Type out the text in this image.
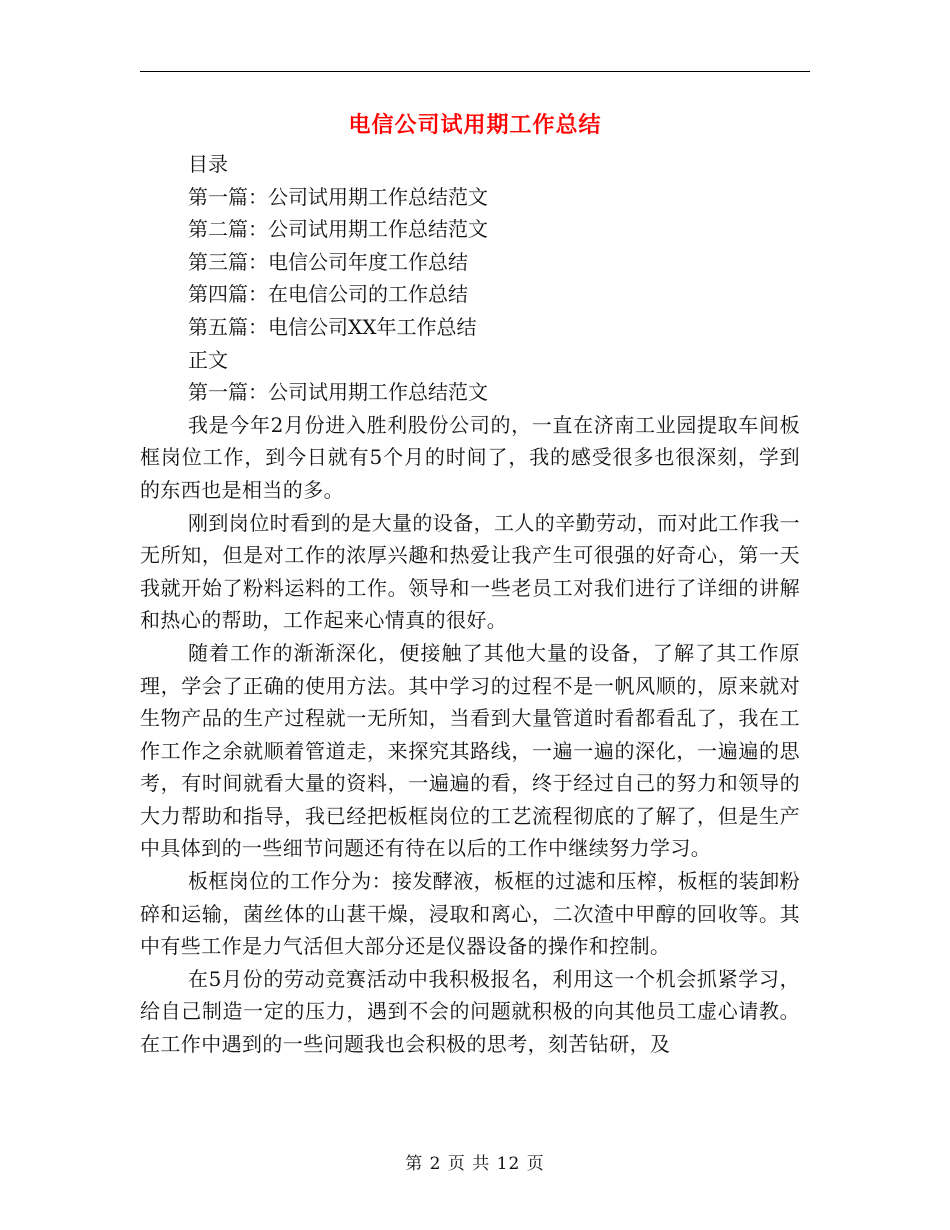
电信公司试用期工作总结
目录
第一篇：公司试用期工作总结范文
第二篇：公司试用期工作总结范文
第三篇：电信公司年度工作总结
第四篇：在电信公司的工作总结
第五篇：电信公司XX年工作总结
正文
第一篇：公司试用期工作总结范文

我是今年2月份进入胜利股份公司的，一直在济南工业园提取车间板框岗位工作，到今日就有5个月的时间了，我的感受很多也很深刻，学到的东西也是相当的多。

刚到岗位时看到的是大量的设备，工人的辛勤劳动，而对此工作我一无所知，但是对工作的浓厚兴趣和热爱让我产生可很强的好奇心，第一天我就开始了粉料运料的工作。领导和一些老员工对我们进行了详细的讲解和热心的帮助，工作起来心情真的很好。

随着工作的渐渐深化，便接触了其他大量的设备，了解了其工作原理，学会了正确的使用方法。其中学习的过程不是一帆风顺的，原来就对生物产品的生产过程就一无所知，当看到大量管道时看都看乱了，我在工作工作之余就顺着管道走，来探究其路线，一遍一遍的深化，一遍遍的思考，有时间就看大量的资料，一遍遍的看，终于经过自己的努力和领导的大力帮助和指导，我已经把板框岗位的工艺流程彻底的了解了，但是生产中具体到的一些细节问题还有待在以后的工作中继续努力学习。

板框岗位的工作分为：接发酵液，板框的过滤和压榨，板框的装卸粉碎和运输，菌丝体的山葚干燥，浸取和离心，二次渣中甲醇的回收等。其中有些工作是力气活但大部分还是仪器设备的操作和控制。

在5月份的劳动竞赛活动中我积极报名，利用这一个机会抓紧学习，给自己制造一定的压力，遇到不会的问题就积极的向其他员工虚心请教。在工作中遇到的一些问题我也会积极的思考，刻苦钻研，及

第 2 页 共 12 页
